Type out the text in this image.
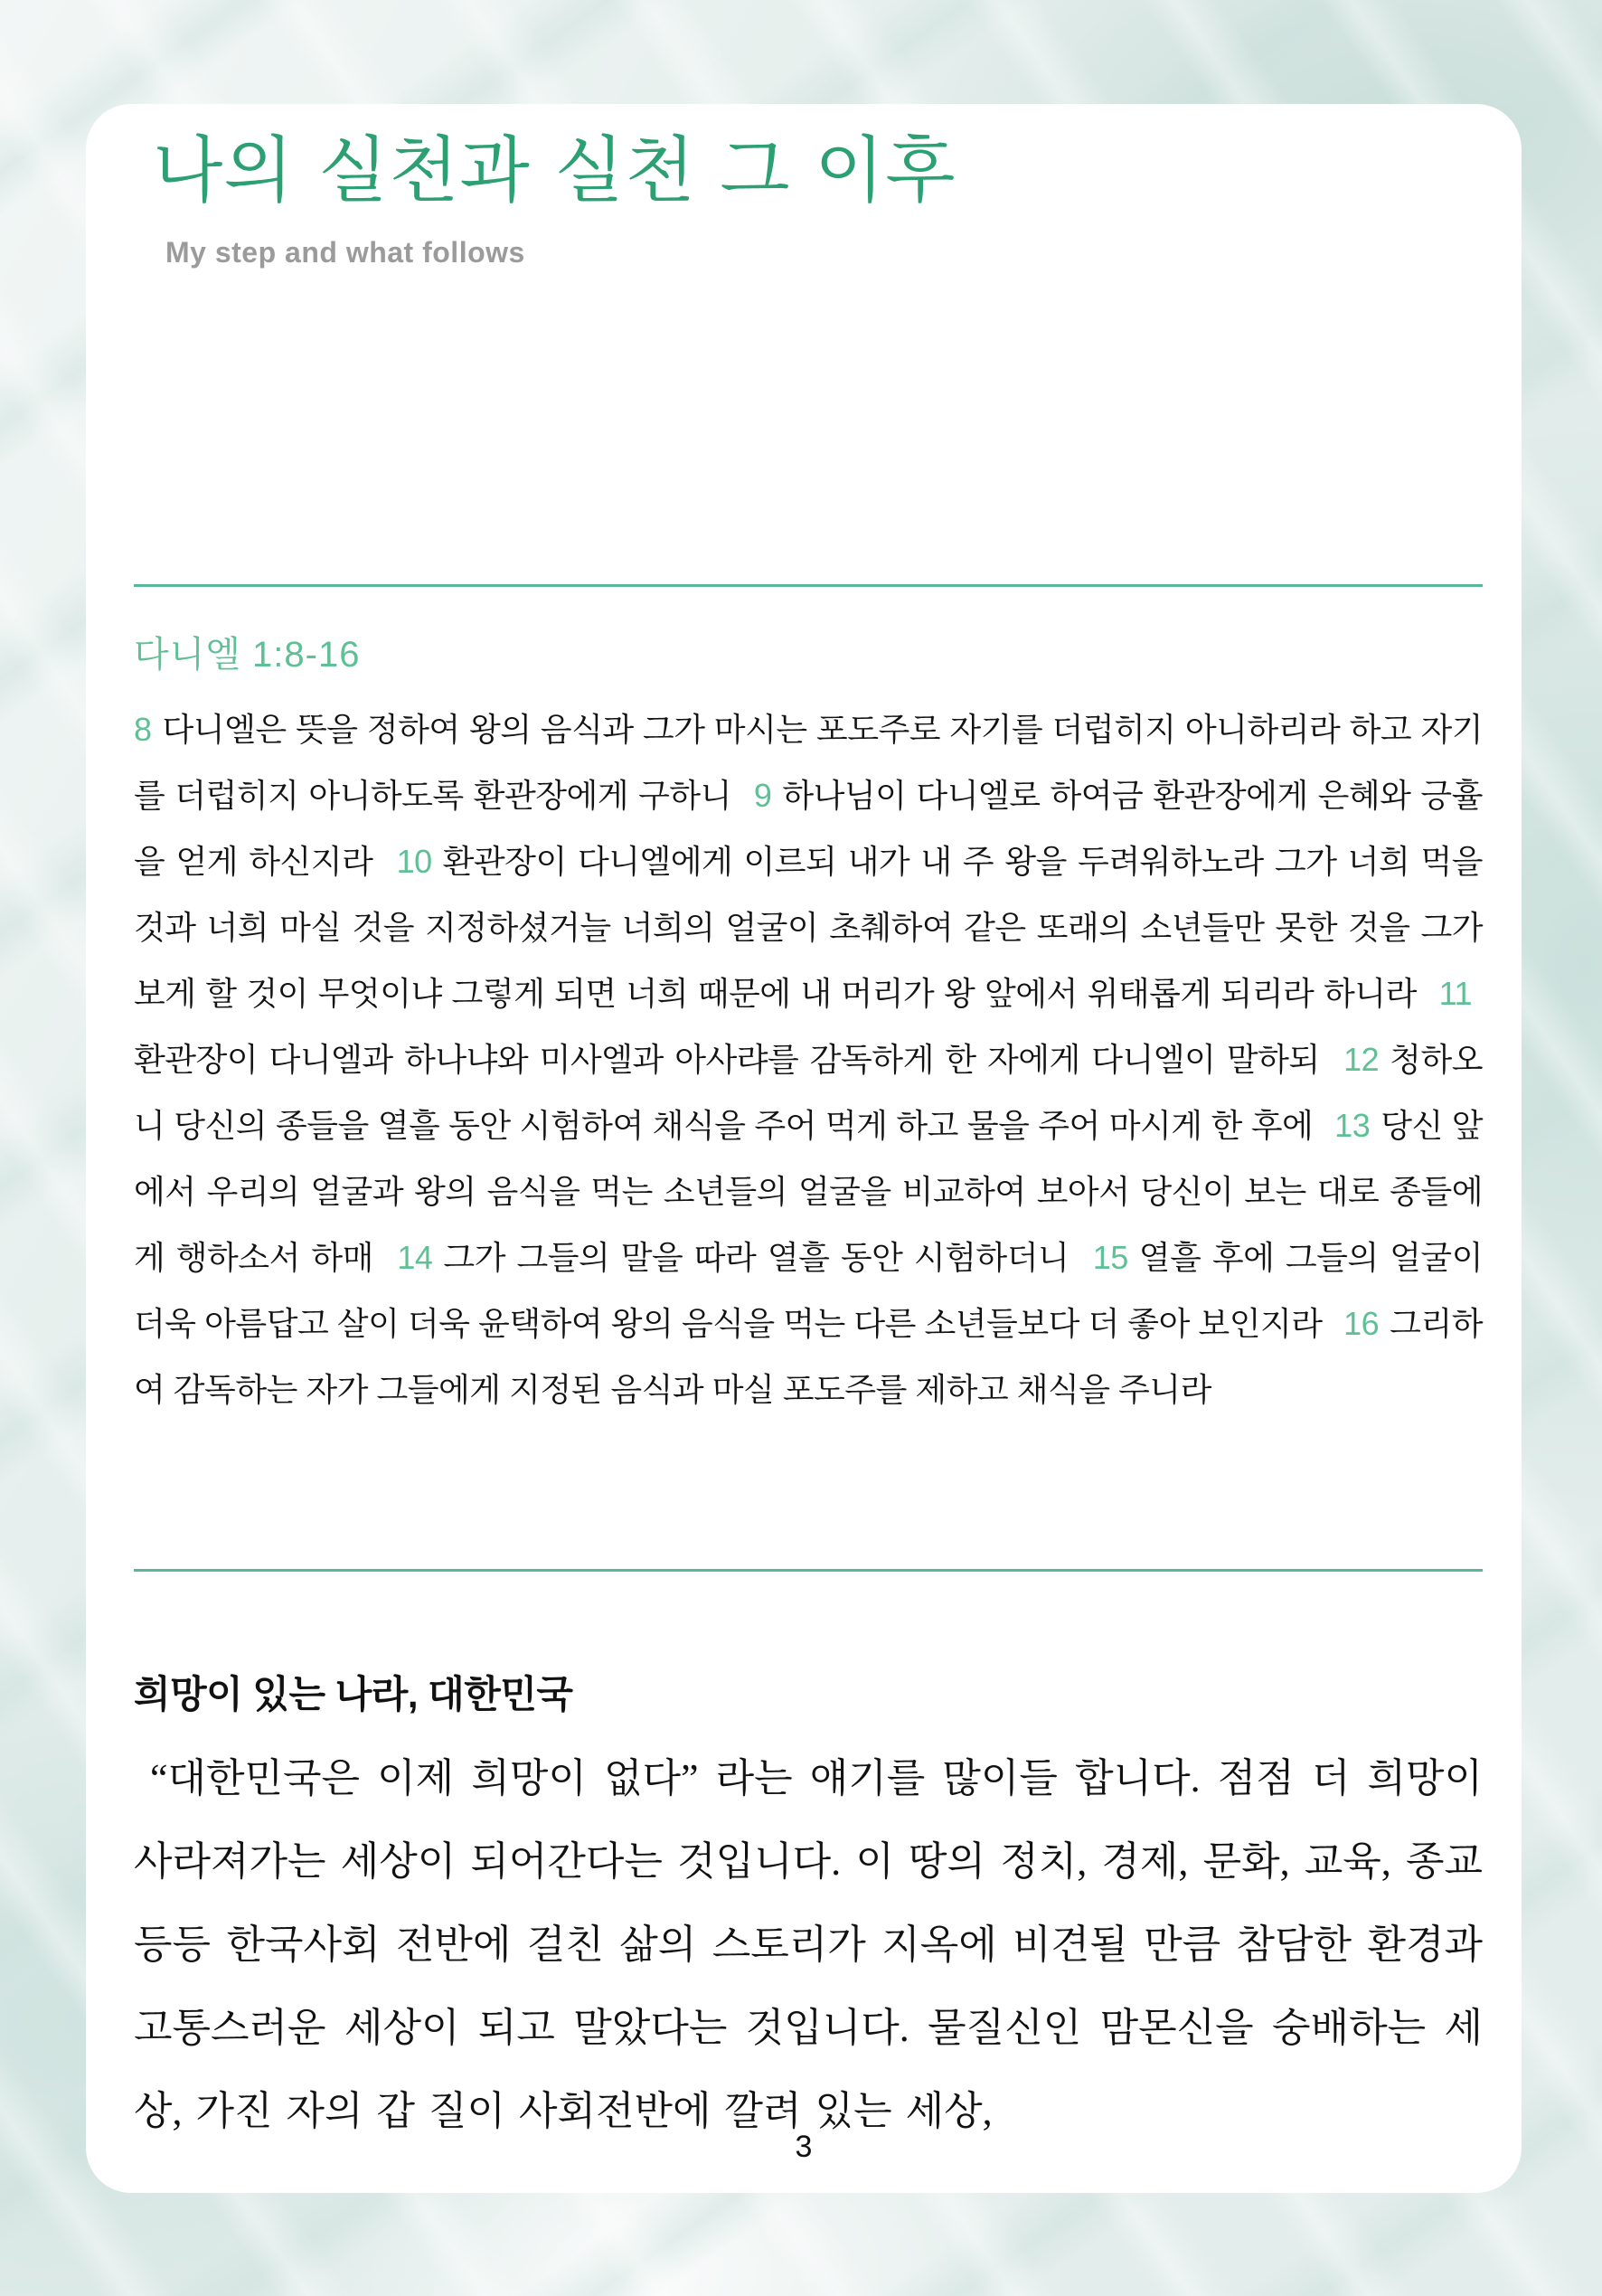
나의 실천과 실천 그 이후
My step and what follows
다니엘 1:8-16
8 다니엘은 뜻을 정하여 왕의 음식과 그가 마시는 포도주로 자기를 더럽히지 아니하리라 하고 자기를 더럽히지 아니하도록 환관장에게 구하니 9 하나님이 다니엘로 하여금 환관장에게 은혜와 긍휼을 얻게 하신지라 10 환관장이 다니엘에게 이르되 내가 내 주 왕을 두려워하노라 그가 너희 먹을 것과 너희 마실 것을 지정하셨거늘 너희의 얼굴이 초췌하여 같은 또래의 소년들만 못한 것을 그가 보게 할 것이 무엇이냐 그렇게 되면 너희 때문에 내 머리가 왕 앞에서 위태롭게 되리라 하니라 11환관장이 다니엘과 하나냐와 미사엘과 아사랴를 감독하게 한 자에게 다니엘이 말하되 12 청하오니 당신의 종들을 열흘 동안 시험하여 채식을 주어 먹게 하고 물을 주어 마시게 한 후에 13 당신 앞에서 우리의 얼굴과 왕의 음식을 먹는 소년들의 얼굴을 비교하여 보아서 당신이 보는 대로 종들에게 행하소서 하매 14 그가 그들의 말을 따라 열흘 동안 시험하더니 15 열흘 후에 그들의 얼굴이 더욱 아름답고 살이 더욱 윤택하여 왕의 음식을 먹는 다른 소년들보다 더 좋아 보인지라 16 그리하여 감독하는 자가 그들에게 지정된 음식과 마실 포도주를 제하고 채식을 주니라
희망이 있는 나라, 대한민국
“대한민국은 이제 희망이 없다” 라는 얘기를 많이들 합니다. 점점 더 희망이 사라져가는 세상이 되어간다는 것입니다. 이 땅의 정치, 경제, 문화, 교육, 종교 등등 한국사회 전반에 걸친 삶의 스토리가 지옥에 비견될 만큼 참담한 환경과 고통스러운 세상이 되고 말았다는 것입니다. 물질신인 맘몬신을 숭배하는 세상, 가진 자의 갑 질이 사회전반에 깔려 있는 세상,
3
